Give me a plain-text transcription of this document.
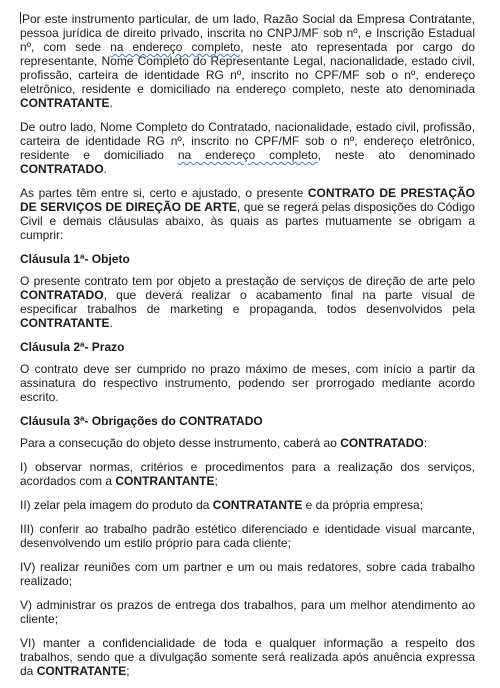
Por este instrumento particular, de um lado, Razão Social da Empresa Contratante, pessoa jurídica de direito privado, inscrita no CNPJ/MF sob nº, e Inscrição Estadual nº, com sede na endereço completo, neste ato representada por cargo do representante, Nome Completo do Representante Legal, nacionalidade, estado civil, profissão, carteira de identidade RG nº, inscrito no CPF/MF sob o nº, endereço eletrônico, residente e domiciliado na endereço completo, neste ato denominada CONTRATANTE.

De outro lado, Nome Completo do Contratado, nacionalidade, estado civil, profissão, carteira de identidade RG nº, inscrito no CPF/MF sob o nº, endereço eletrônico, residente e domiciliado na endereço completo, neste ato denominado CONTRATADO.

As partes têm entre si, certo e ajustado, o presente CONTRATO DE PRESTAÇÃO DE SERVIÇOS DE DIREÇÃO DE ARTE, que se regerá pelas disposições do Código Civil e demais cláusulas abaixo, às quais as partes mutuamente se obrigam a cumprir:

Cláusula 1ª- Objeto

O presente contrato tem por objeto a prestação de serviços de direção de arte pelo CONTRATADO, que deverá realizar o acabamento final na parte visual de especificar trabalhos de marketing e propaganda, todos desenvolvidos pela CONTRATANTE.

Cláusula 2ª- Prazo

O contrato deve ser cumprido no prazo máximo de meses, com início a partir da assinatura do respectivo instrumento, podendo ser prorrogado mediante acordo escrito.

Cláusula 3ª- Obrigações do CONTRATADO

Para a consecução do objeto desse instrumento, caberá ao CONTRATADO:

I) observar normas, critérios e procedimentos para a realização dos serviços, acordados com a CONTRANTANTE;

II) zelar pela imagem do produto da CONTRATANTE e da própria empresa;

III) conferir ao trabalho padrão estético diferenciado e identidade visual marcante, desenvolvendo um estilo próprio para cada cliente;

IV) realizar reuniões com um partner e um ou mais redatores, sobre cada trabalho realizado;

V) administrar os prazos de entrega dos trabalhos, para um melhor atendimento ao cliente;

VI) manter a confidencialidade de toda e qualquer informação a respeito dos trabalhos, sendo que a divulgação somente será realizada após anuência expressa da CONTRATANTE;
